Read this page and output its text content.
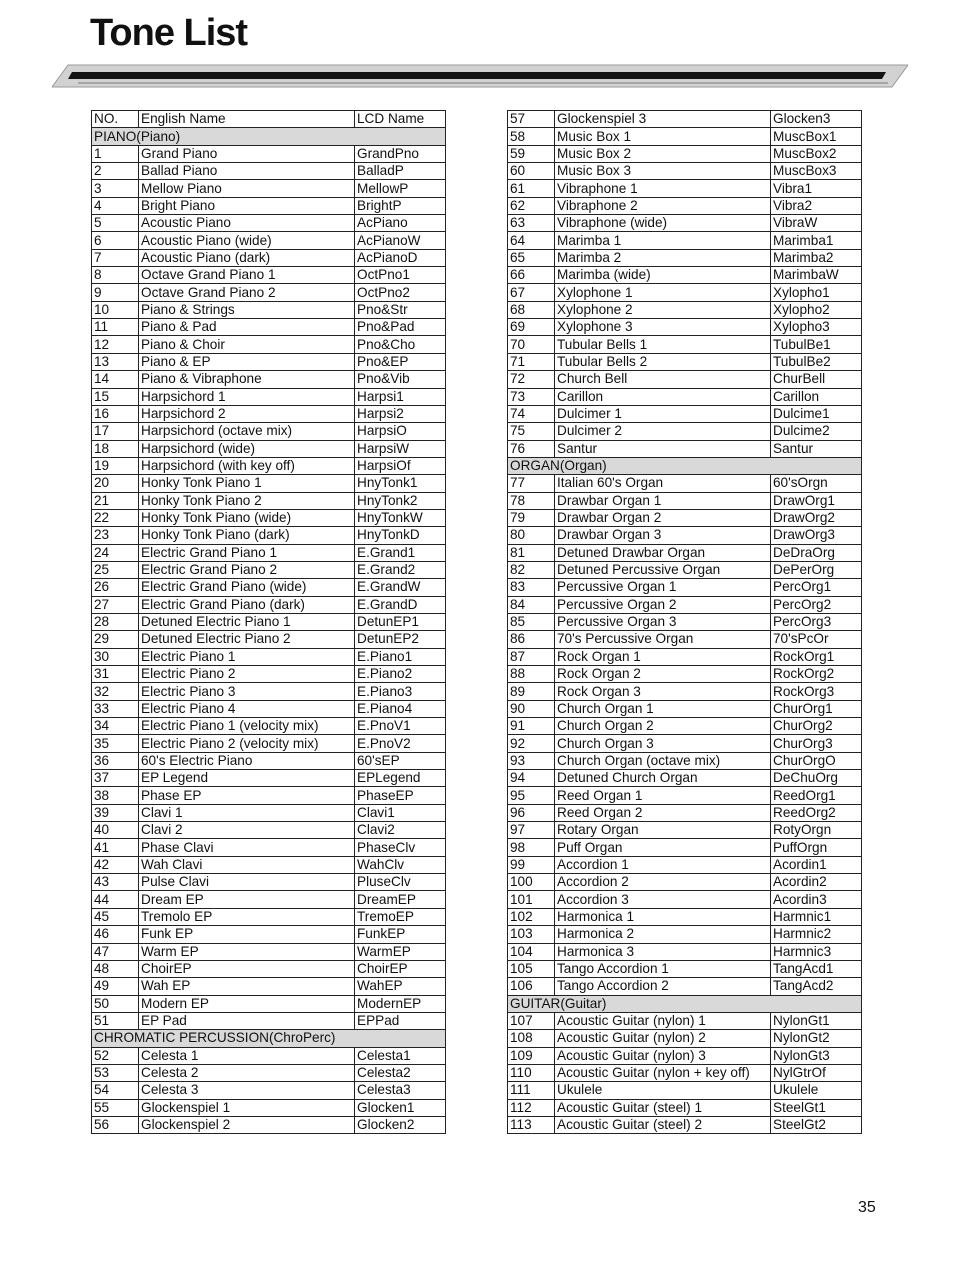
Tone List
NO.	English Name	LCD Name
PIANO(Piano)		
1	Grand Piano	GrandPno
2	Ballad Piano	BalladP
3	Mellow Piano	MellowP
4	Bright Piano	BrightP
5	Acoustic Piano	AcPiano
6	Acoustic Piano (wide)	AcPianoW
7	Acoustic Piano (dark)	AcPianoD
8	Octave Grand Piano 1	OctPno1
9	Octave Grand Piano 2	OctPno2
10	Piano & Strings	Pno&Str
11	Piano & Pad	Pno&Pad
12	Piano & Choir	Pno&Cho
13	Piano & EP	Pno&EP
14	Piano & Vibraphone	Pno&Vib
15	Harpsichord 1	Harpsi1
16	Harpsichord 2	Harpsi2
17	Harpsichord (octave mix)	HarpsiO
18	Harpsichord (wide)	HarpsiW
19	Harpsichord (with key off)	HarpsiOf
20	Honky Tonk Piano 1	HnyTonk1
21	Honky Tonk Piano 2	HnyTonk2
22	Honky Tonk Piano (wide)	HnyTonkW
23	Honky Tonk Piano (dark)	HnyTonkD
24	Electric Grand Piano 1	E.Grand1
25	Electric Grand Piano 2	E.Grand2
26	Electric Grand Piano (wide)	E.GrandW
27	Electric Grand Piano (dark)	E.GrandD
28	Detuned Electric Piano 1	DetunEP1
29	Detuned Electric Piano 2	DetunEP2
30	Electric Piano 1	E.Piano1
31	Electric Piano 2	E.Piano2
32	Electric Piano 3	E.Piano3
33	Electric Piano 4	E.Piano4
34	Electric Piano 1 (velocity mix)	E.PnoV1
35	Electric Piano 2 (velocity mix)	E.PnoV2
36	60's Electric Piano	60'sEP
37	EP Legend	EPLegend
38	Phase EP	PhaseEP
39	Clavi 1	Clavi1
40	Clavi 2	Clavi2
41	Phase Clavi	PhaseClv
42	Wah Clavi	WahClv
43	Pulse Clavi	PluseClv
44	Dream EP	DreamEP
45	Tremolo EP	TremoEP
46	Funk EP	FunkEP
47	Warm EP	WarmEP
48	ChoirEP	ChoirEP
49	Wah EP	WahEP
50	Modern EP	ModernEP
51	EP Pad	EPPad
CHROMATIC PERCUSSION(ChroPerc)		
52	Celesta 1	Celesta1
53	Celesta 2	Celesta2
54	Celesta 3	Celesta3
55	Glockenspiel 1	Glocken1
56	Glockenspiel 2	Glocken2
57	Glockenspiel 3	Glocken3
58	Music Box 1	MuscBox1
59	Music Box 2	MuscBox2
60	Music Box 3	MuscBox3
61	Vibraphone 1	Vibra1
62	Vibraphone 2	Vibra2
63	Vibraphone (wide)	VibraW
64	Marimba 1	Marimba1
65	Marimba 2	Marimba2
66	Marimba (wide)	MarimbaW
67	Xylophone 1	Xylopho1
68	Xylophone 2	Xylopho2
69	Xylophone 3	Xylopho3
70	Tubular Bells 1	TubulBe1
71	Tubular Bells 2	TubulBe2
72	Church Bell	ChurBell
73	Carillon	Carillon
74	Dulcimer 1	Dulcime1
75	Dulcimer 2	Dulcime2
76	Santur	Santur
ORGAN(Organ)		
77	Italian 60's Organ	60'sOrgn
78	Drawbar Organ 1	DrawOrg1
79	Drawbar Organ 2	DrawOrg2
80	Drawbar Organ 3	DrawOrg3
81	Detuned Drawbar Organ	DeDraOrg
82	Detuned Percussive Organ	DePerOrg
83	Percussive Organ 1	PercOrg1
84	Percussive Organ 2	PercOrg2
85	Percussive Organ 3	PercOrg3
86	70's Percussive Organ	70'sPcOr
87	Rock Organ 1	RockOrg1
88	Rock Organ 2	RockOrg2
89	Rock Organ 3	RockOrg3
90	Church Organ 1	ChurOrg1
91	Church Organ 2	ChurOrg2
92	Church Organ 3	ChurOrg3
93	Church Organ (octave mix)	ChurOrgO
94	Detuned Church Organ	DeChuOrg
95	Reed Organ 1	ReedOrg1
96	Reed Organ 2	ReedOrg2
97	Rotary Organ	RotyOrgn
98	Puff Organ	PuffOrgn
99	Accordion 1	Acordin1
100	Accordion 2	Acordin2
101	Accordion 3	Acordin3
102	Harmonica 1	Harmnic1
103	Harmonica 2	Harmnic2
104	Harmonica 3	Harmnic3
105	Tango Accordion 1	TangAcd1
106	Tango Accordion 2	TangAcd2
GUITAR(Guitar)		
107	Acoustic Guitar (nylon) 1	NylonGt1
108	Acoustic Guitar (nylon) 2	NylonGt2
109	Acoustic Guitar (nylon) 3	NylonGt3
110	Acoustic Guitar (nylon + key off)	NylGtrOf
111	Ukulele	Ukulele
112	Acoustic Guitar (steel) 1	SteelGt1
113	Acoustic Guitar (steel) 2	SteelGt2
35
